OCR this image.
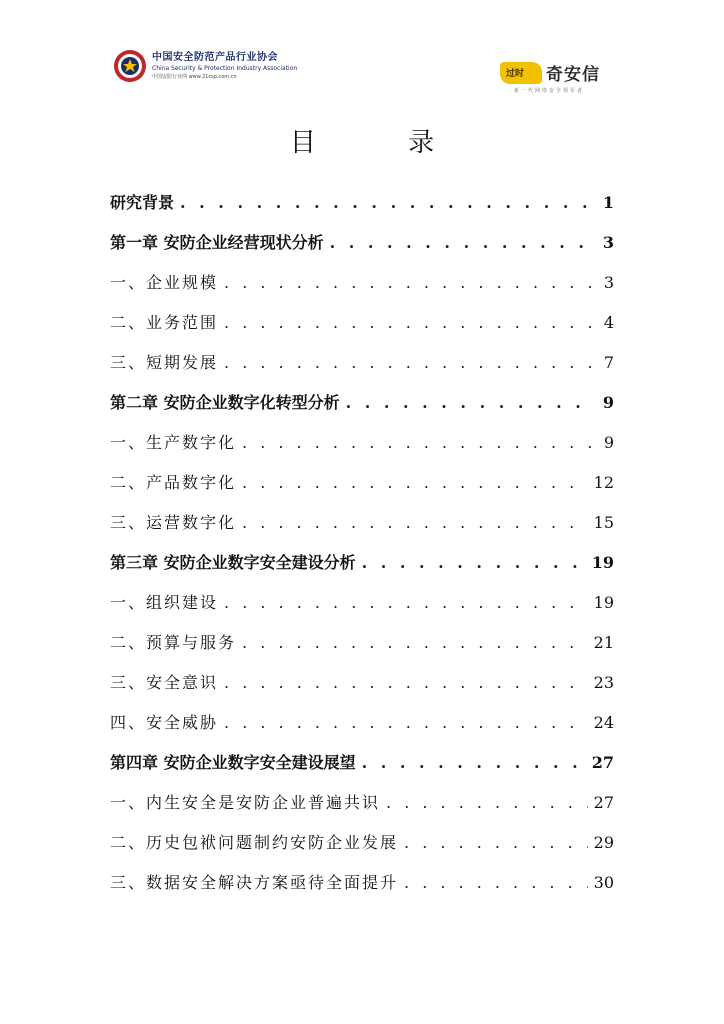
中国安全防范产品行业协会
China Security & Protection Industry Association
中国安防行业网 www.21csp.com.cn	过时 奇安信
新一代网络安全领军者
目 录
研究背景 . . .	1
第一章 安防企业经营现状分析 . . .	3
一、企业规模 . . .	3
二、业务范围 . . .	4
三、短期发展 . . .	7
第二章 安防企业数字化转型分析 . . .	9
一、生产数字化 . . .	9
二、产品数字化 . . .	12
三、运营数字化 . . .	15
第三章 安防企业数字安全建设分析 . . .	19
一、组织建设 . . .	19
二、预算与服务 . . .	21
三、安全意识 . . .	23
四、安全威胁 . . .	24
第四章 安防企业数字安全建设展望 . . .	27
一、内生安全是安防企业普遍共识 . . .	27
二、历史包袱问题制约安防企业发展 . . .	29
三、数据安全解决方案亟待全面提升 . . .	30
